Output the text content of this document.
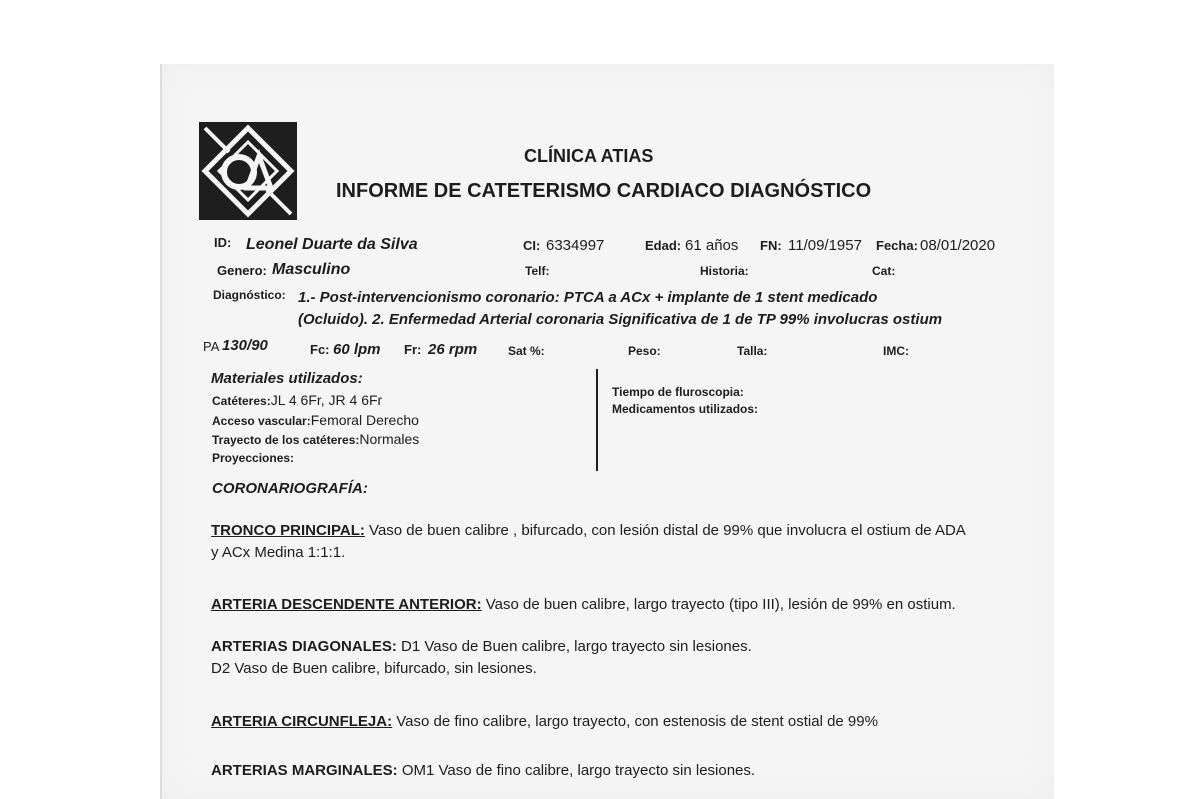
CLÍNICA ATIAS
INFORME DE CATETERISMO CARDIACO DIAGNÓSTICO
ID: Leonel Duarte da Silva	CI: 6334997	Edad: 61 años FN: 11/09/1957 Fecha: 08/01/2020
Genero: Masculino	Telf:	Historia:	Cat:
Diagnóstico: 1.- Post-intervencionismo coronario: PTCA a ACx + implante de 1 stent medicado
(Ocluido). 2. Enfermedad Arterial coronaria Significativa de 1 de TP 99% involucras ostium
PA 130/90	Fc: 60 lpm Fr: 26 rpm	Sat %:	Peso:	Talla:	IMC:
Materiales utilizados:
Catéteres:JL 4 6Fr, JR 4 6Fr
Acceso vascular:Femoral Derecho
Trayecto de los catéteres:Normales
Proyecciones:
Tiempo de fluroscopia:
Medicamentos utilizados:
CORONARIOGRAFÍA:
TRONCO PRINCIPAL: Vaso de buen calibre , bifurcado, con lesión distal de 99% que involucra el ostium de ADA
y ACx Medina 1:1:1.
ARTERIA DESCENDENTE ANTERIOR: Vaso de buen calibre, largo trayecto (tipo III), lesión de 99% en ostium.
ARTERIAS DIAGONALES: D1 Vaso de Buen calibre, largo trayecto sin lesiones.
D2 Vaso de Buen calibre, bifurcado, sin lesiones.
ARTERIA CIRCUNFLEJA: Vaso de fino calibre, largo trayecto, con estenosis de stent ostial de 99%
ARTERIAS MARGINALES: OM1 Vaso de fino calibre, largo trayecto sin lesiones.
